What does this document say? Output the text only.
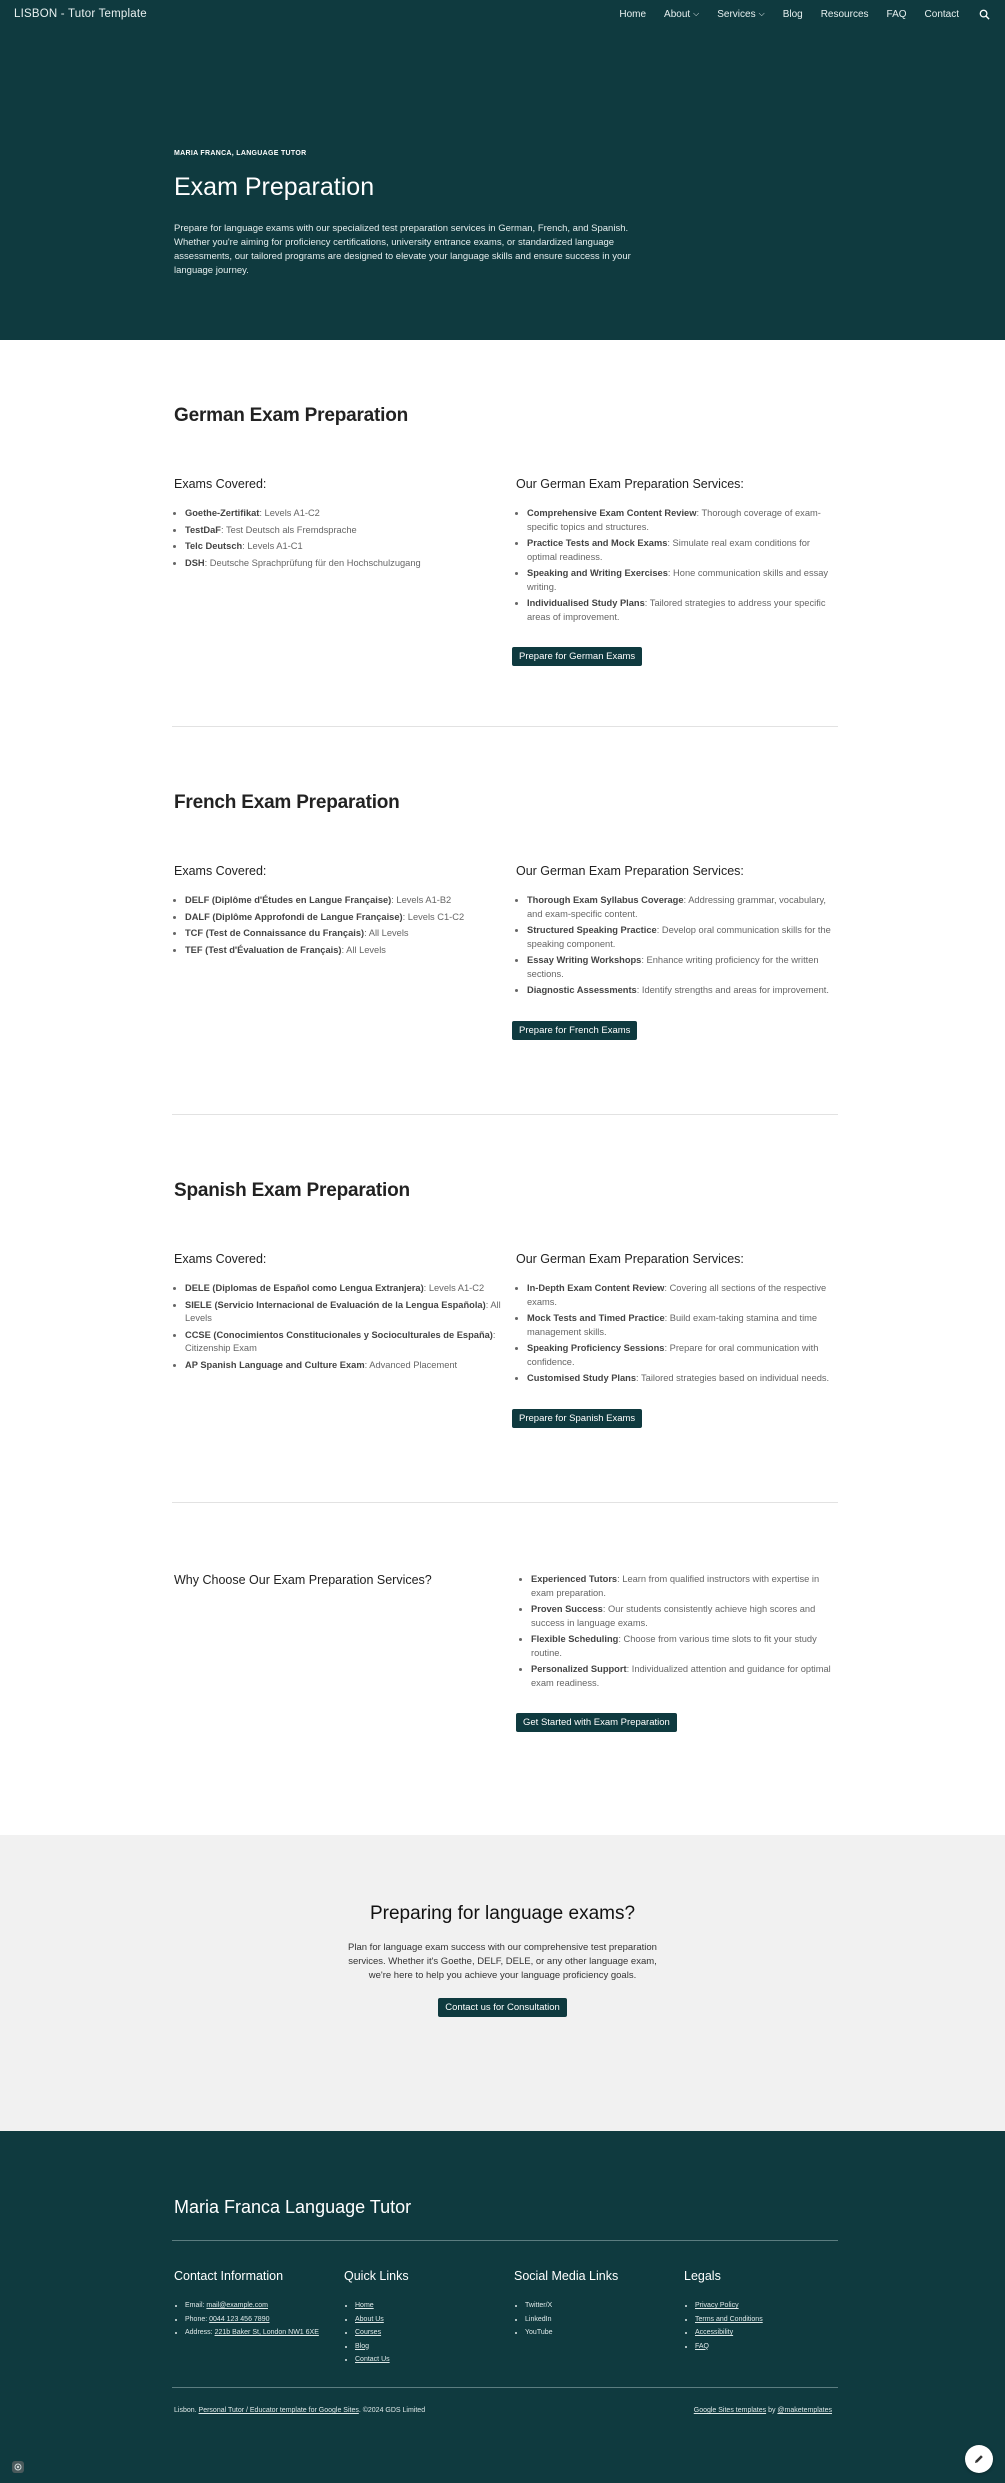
LISBON - Tutor Template	Home About ⌵ Services ⌵ Blog Resources FAQ Contact
MARIA FRANCA, LANGUAGE TUTOR
Exam Preparation

Prepare for language exams with our specialized test preparation services in German, French, and Spanish. Whether you're aiming for proficiency certifications, university entrance exams, or standardized language assessments, our tailored programs are designed to elevate your language skills and ensure success in your language journey.

German Exam Preparation
Exams Covered:
• Goethe-Zertifikat: Levels A1-C2
• TestDaF: Test Deutsch als Fremdsprache
• Telc Deutsch: Levels A1-C1
• DSH: Deutsche Sprachprüfung für den Hochschulzugang
Our German Exam Preparation Services:
• Comprehensive Exam Content Review: Thorough coverage of exam-specific topics and structures.
• Practice Tests and Mock Exams: Simulate real exam conditions for optimal readiness.
• Speaking and Writing Exercises: Hone communication skills and essay writing.
• Individualised Study Plans: Tailored strategies to address your specific areas of improvement.
Prepare for German Exams
French Exam Preparation
Exams Covered:
• DELF (Diplôme d'Études en Langue Française): Levels A1-B2
• DALF (Diplôme Approfondi de Langue Française): Levels C1-C2
• TCF (Test de Connaissance du Français): All Levels
• TEF (Test d'Évaluation de Français): All Levels
Our German Exam Preparation Services:
• Thorough Exam Syllabus Coverage: Addressing grammar, vocabulary, and exam-specific content.
• Structured Speaking Practice: Develop oral communication skills for the speaking component.
• Essay Writing Workshops: Enhance writing proficiency for the written sections.
• Diagnostic Assessments: Identify strengths and areas for improvement.
Prepare for French Exams
Spanish Exam Preparation
Exams Covered:
• DELE (Diplomas de Español como Lengua Extranjera): Levels A1-C2
• SIELE (Servicio Internacional de Evaluación de la Lengua Española): All Levels
• CCSE (Conocimientos Constitucionales y Socioculturales de España): Citizenship Exam
• AP Spanish Language and Culture Exam: Advanced Placement
Our German Exam Preparation Services:
• In-Depth Exam Content Review: Covering all sections of the respective exams.
• Mock Tests and Timed Practice: Build exam-taking stamina and time management skills.
• Speaking Proficiency Sessions: Prepare for oral communication with confidence.
• Customised Study Plans: Tailored strategies based on individual needs.
Prepare for Spanish Exams
Why Choose Our Exam Preparation Services?
•	Experienced Tutors: Learn from qualified instructors with expertise in exam preparation.
• Proven Success: Our students consistently achieve high scores and success in language exams.
• Flexible Scheduling: Choose from various time slots to fit your study routine.
• Personalized Support: Individualized attention and guidance for optimal exam readiness.
Get Started with Exam Preparation
Preparing for language exams?

Plan for language exam success with our comprehensive test preparation services. Whether it's Goethe, DELF, DELE, or any other language exam, we're here to help you achieve your language proficiency goals.

Contact us for Consultation
Maria Franca Language Tutor
Contact Information
• Email: mail@example.com
• Phone: 0044 123 456 7890
• Address: 221b Baker St, London NW1 6XE
Quick Links
• Home
• About Us
• Courses
• Blog
• Contact Us
Social Media Links
• Twitter/X
• LinkedIn
• YouTube
Legals
• Privacy Policy
• Terms and Conditions
• Accessibility
• FAQ
Lisbon. Personal Tutor / Educator template for Google Sites. ©2024 GDS Limited	Google Sites templates by @maketemplates
